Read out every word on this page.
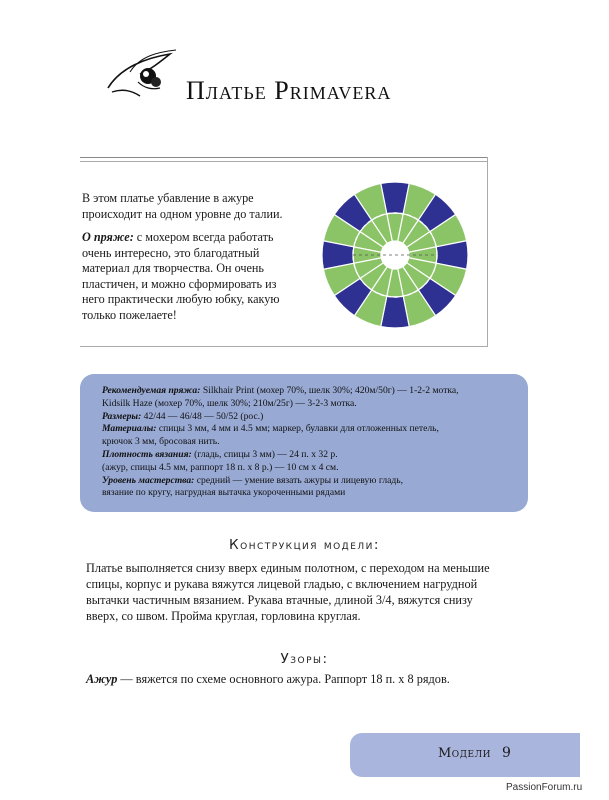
Платье Primavera

В этом платье убавление в ажуре происходит на одном уровне до талии.

О пряже: с мохером всегда работать очень интересно, это благодатный материал для творчества. Он очень пластичен, и можно сформировать из него практически любую юбку, какую только пожелаете!

Рекомендуемая пряжа: Silkhair Print (мохер 70%, шелк 30%; 420м/50г) — 1-2-2 мотка,
Kidsilk Haze (мохер 70%, шелк 30%; 210м/25г) — 3-2-3 мотка.
Размеры: 42/44 — 46/48 — 50/52 (рос.)
Материалы: спицы 3 мм, 4 мм и 4.5 мм; маркер, булавки для отложенных петель,
крючок 3 мм, бросовая нить.
Плотность вязания: (гладь, спицы 3 мм) — 24 п. х 32 р.
(ажур, спицы 4.5 мм, раппорт 18 п. х 8 р.) — 10 см х 4 см.
Уровень мастерства: средний — умение вязать ажуры и лицевую гладь,
вязание по кругу, нагрудная вытачка укороченными рядами
Конструкция модели:

Платье выполняется снизу вверх единым полотном, с переходом на меньшие спицы, корпус и рукава вяжутся лицевой гладью, с включением нагрудной вытачки частичным вязанием. Рукава втачные, длиной 3/4, вяжутся снизу вверх, со швом. Пройма круглая, горловина круглая.

Узоры:

Ажур — вяжется по схеме основного ажура. Раппорт 18 п. х 8 рядов.

Модели 9
PassionForum.ru
